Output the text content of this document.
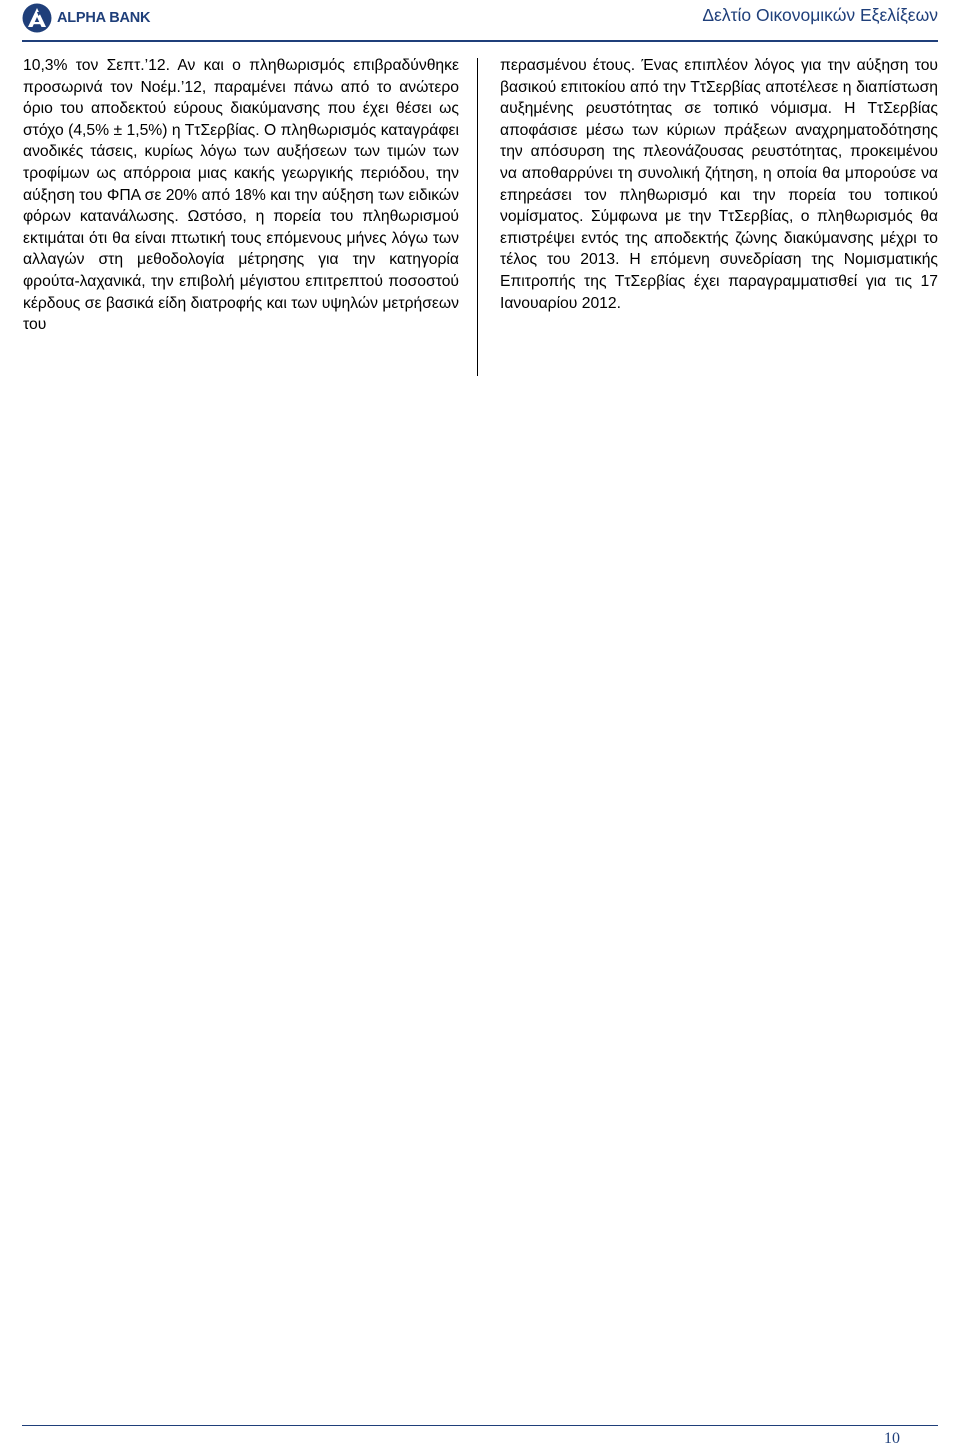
ALPHA BANK	Δελτίο Οικονομικών Εξελίξεων

10,3% τον Σεπτ.’12. Αν και ο πληθωρισμός επιβραδύνθηκε προσωρινά τον Νοέμ.’12, παραμένει πάνω από το ανώτερο όριο του αποδεκτού εύρους διακύμανσης που έχει θέσει ως στόχο (4,5% ± 1,5%) η ΤτΣερβίας. Ο πληθωρισμός καταγράφει ανοδικές τάσεις, κυρίως λόγω των αυξήσεων των τιμών των τροφίμων ως απόρροια μιας κακής γεωργικής περιόδου, την αύξηση του ΦΠΑ σε 20% από 18% και την αύξηση των ειδικών φόρων κατανάλωσης. Ωστόσο, η πορεία του πληθωρισμού εκτιμάται ότι θα είναι πτωτική τους επόμενους μήνες λόγω των αλλαγών στη μεθοδολογία μέτρησης για την κατηγορία φρούτα-λαχανικά, την επιβολή μέγιστου επιτρεπτού ποσοστού κέρδους σε βασικά είδη διατροφής και των υψηλών μετρήσεων του

περασμένου έτους. Ένας επιπλέον λόγος για την αύξηση του βασικού επιτοκίου από την ΤτΣερβίας αποτέλεσε η διαπίστωση αυξημένης ρευστότητας σε τοπικό νόμισμα. Η ΤτΣερβίας αποφάσισε μέσω των κύριων πράξεων αναχρηματοδότησης την απόσυρση της πλεονάζουσας ρευστότητας, προκειμένου να αποθαρρύνει τη συνολική ζήτηση, η οποία θα μπορούσε να επηρεάσει τον πληθωρισμό και την πορεία του τοπικού νομίσματος. Σύμφωνα με την ΤτΣερβίας, ο πληθωρισμός θα επιστρέψει εντός της αποδεκτής ζώνης διακύμανσης μέχρι το τέλος του 2013. Η επόμενη συνεδρίαση της Νομισματικής Επιτροπής της ΤτΣερβίας έχει παραγραμματισθεί για τις 17 Ιανουαρίου 2012.

10
